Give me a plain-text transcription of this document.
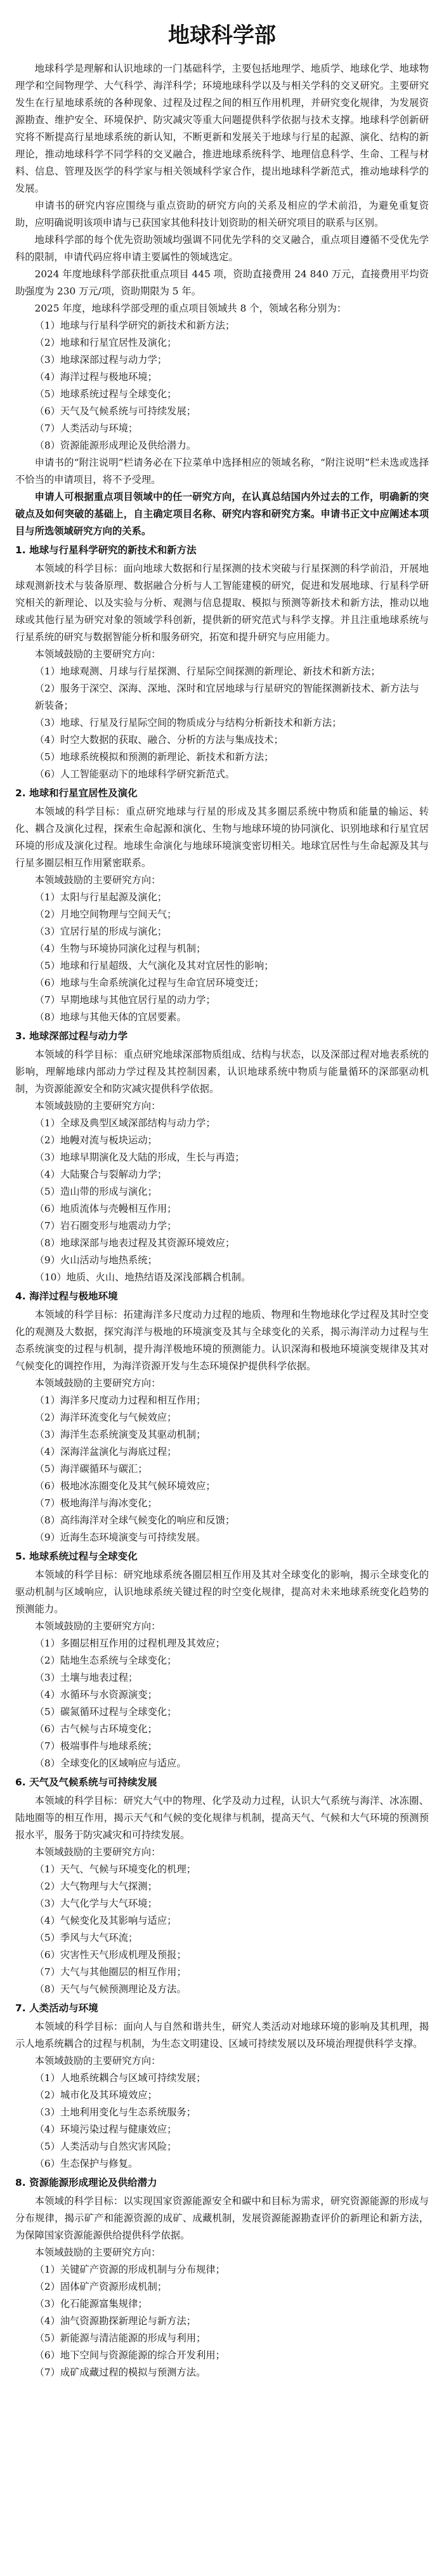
地球科学部

地球科学是理解和认识地球的一门基础科学，主要包括地理学、地质学、地球化学、地球物理学和空间物理学、大气科学、海洋科学；环境地球科学以及与相关学科的交叉研究。主要研究发生在行星地球系统的各种现象、过程及过程之间的相互作用机理，并研究变化规律，为发展资源勘查、维护安全、环境保护、防灾减灾等重大问题提供科学依据与技术支撑。地球科学创新研究将不断提高行星地球系统的新认知，不断更新和发展关于地球与行星的起源、演化、结构的新理论，推动地球科学不同学科的交叉融合，推进地球系统科学、地理信息科学、生命、工程与材料、信息、管理及医学的科学家与相关领域科学家合作，提出地球科学新范式，推动地球科学的发展。

申请书的研究内容应围绕与重点资助的研究方向的关系及相应的学术前沿，为避免重复资助，应明确说明该项申请与已获国家其他科技计划资助的相关研究项目的联系与区别。

地球科学部的每个优先资助领域均强调不同优先学科的交叉融合，重点项目遵循不受优先学科的限制，申请代码应将申请主要属性的领域选定。

2024 年度地球科学部获批重点项目 445 项，资助直接费用 24 840 万元，直接费用平均资助强度为 230 万元/项，资助期限为 5 年。

2025 年度，地球科学部受理的重点项目领域共 8 个，领域名称分别为：

（1）地球与行星科学研究的新技术和新方法；
（2）地球和行星宜居性及演化；
（3）地球深部过程与动力学；
（4）海洋过程与极地环境；
（5）地球系统过程与全球变化；
（6）天气及气候系统与可持续发展；
（7）人类活动与环境；
（8）资源能源形成理论及供给潜力。

申请书的“附注说明”栏请务必在下拉菜单中选择相应的领域名称，“附注说明”栏未选或选择不恰当的申请项目，将不予受理。

申请人可根据重点项目领域中的任一研究方向，在认真总结国内外过去的工作，明确新的突破点及如何突破的基础上，自主确定项目名称、研究内容和研究方案。申请书正文中应阐述本项目与所选领域研究方向的关系。

1. 地球与行星科学研究的新技术和新方法

本领域的科学目标：面向地球大数据和行星探测的技术突破与行星探测的科学前沿，开展地球观测新技术与装备原理、数据融合分析与人工智能建模的研究，促进和发展地球、行星科学研究相关的新理论、以及实验与分析、观测与信息提取、模拟与预测等新技术和新方法，推动以地球或其他行星为研究对象的领域学科创新，提供新的研究范式与科学支撑。并且注重地球系统与行星系统的研究与数据智能分析和服务研究，拓宽和提升研究与应用能力。

本领域鼓励的主要研究方向：

（1）地球观测、月球与行星探测、行星际空间探测的新理论、新技术和新方法；
（2）服务于深空、深海、深地、深时和宜居地球与行星研究的智能探测新技术、新方法与新装备；
（3）地球、行星及行星际空间的物质成分与结构分析新技术和新方法；
（4）时空大数据的获取、融合、分析的方法与集成技术；
（5）地球系统模拟和预测的新理论、新技术和新方法；
（6）人工智能驱动下的地球科学研究新范式。
2. 地球和行星宜居性及演化

本领域的科学目标：重点研究地球与行星的形成及其多圈层系统中物质和能量的输运、转化、耦合及演化过程，探索生命起源和演化、生物与地球环境的协同演化、识别地球和行星宜居环境的形成及演化过程。地球生命演化与地球环境演变密切相关。地球宜居性与生命起源及其与行星多圈层相互作用紧密联系。

本领域鼓励的主要研究方向：

（1）太阳与行星起源及演化；
（2）月地空间物理与空间天气；
（3）宜居行星的形成与演化；
（4）生物与环境协同演化过程与机制；
（5）地球和行星超级、大气演化及其对宜居性的影响；
（6）地球与生命系统演化过程与生命宜居环境变迁；
（7）早期地球与其他宜居行星的动力学；
（8）地球与其他天体的宜居要素。
3. 地球深部过程与动力学

本领域的科学目标：重点研究地球深部物质组成、结构与状态，以及深部过程对地表系统的影响，理解地球内部动力学过程及其控制因素，认识地球系统中物质与能量循环的深部驱动机制，为资源能源安全和防灾减灾提供科学依据。

本领域鼓励的主要研究方向：

（1）全球及典型区域深部结构与动力学；
（2）地幔对流与板块运动；
（3）地球早期演化及大陆的形成，生长与再造；
（4）大陆聚合与裂解动力学；
（5）造山带的形成与演化；
（6）地质流体与壳幔相互作用；
（7）岩石圈变形与地震动力学；
（8）地球深部与地表过程及其资源环境效应；
（9）火山活动与地热系统；
（10）地质、火山、地热结语及深浅部耦合机制。
4. 海洋过程与极地环境

本领域的科学目标：拓建海洋多尺度动力过程的地质、物理和生物地球化学过程及其时空变化的观测及大数据，探究海洋与极地的环境演变及其与全球变化的关系，揭示海洋动力过程与生态系统演变的过程与机制，提升海洋极地环境的预测能力。认识深海和极地环境演变规律及其对气候变化的调控作用，为海洋资源开发与生态环境保护提供科学依据。

本领域鼓励的主要研究方向：

（1）海洋多尺度动力过程和相互作用；
（2）海洋环流变化与气候效应；
（3）海洋生态系统演变及其驱动机制；
（4）深海洋盆演化与海底过程；
（5）海洋碳循环与碳汇；
（6）极地冰冻圈变化及其气候环境效应；
（7）极地海洋与海冰变化；
（8）高纬海洋对全球气候变化的响应和反馈；
（9）近海生态环境演变与可持续发展。
5. 地球系统过程与全球变化

本领域的科学目标：研究地球系统各圈层相互作用及其对全球变化的影响，揭示全球变化的驱动机制与区域响应，认识地球系统关键过程的时空变化规律，提高对未来地球系统变化趋势的预测能力。

本领域鼓励的主要研究方向：

（1）多圈层相互作用的过程机理及其效应；
（2）陆地生态系统与全球变化；
（3）土壤与地表过程；
（4）水循环与水资源演变；
（5）碳氮循环过程与全球变化；
（6）古气候与古环境变化；
（7）极端事件与地球系统；
（8）全球变化的区域响应与适应。
6. 天气及气候系统与可持续发展

本领域的科学目标：研究大气中的物理、化学及动力过程，认识大气系统与海洋、冰冻圈、陆地圈等的相互作用，揭示天气和气候的变化规律与机制，提高天气、气候和大气环境的预测预报水平，服务于防灾减灾和可持续发展。

本领域鼓励的主要研究方向：

（1）天气、气候与环境变化的机理；
（2）大气物理与大气探测；
（3）大气化学与大气环境；
（4）气候变化及其影响与适应；
（5）季风与大气环流；
（6）灾害性天气形成机理及预报；
（7）大气与其他圈层的相互作用；
（8）天气与气候预测理论及方法。
7. 人类活动与环境

本领域的科学目标：面向人与自然和谐共生，研究人类活动对地球环境的影响及其机理，揭示人地系统耦合的过程与机制，为生态文明建设、区域可持续发展以及环境治理提供科学支撑。

本领域鼓励的主要研究方向：

（1）人地系统耦合与区域可持续发展；
（2）城市化及其环境效应；
（3）土地利用变化与生态系统服务；
（4）环境污染过程与健康效应；
（5）人类活动与自然灾害风险；
（6）生态保护与修复。
8. 资源能源形成理论及供给潜力

本领域的科学目标：以实现国家资源能源安全和碳中和目标为需求，研究资源能源的形成与分布规律，揭示矿产和能源资源的成矿、成藏机制，发展资源能源勘查评价的新理论和新方法，为保障国家资源能源供给提供科学依据。

本领域鼓励的主要研究方向：

（1）关键矿产资源的形成机制与分布规律；
（2）固体矿产资源形成机制；
（3）化石能源富集规律；
（4）油气资源勘探新理论与新方法；
（5）新能源与清洁能源的形成与利用；
（6）地下空间与资源能源的综合开发利用；
（7）成矿成藏过程的模拟与预测方法。
